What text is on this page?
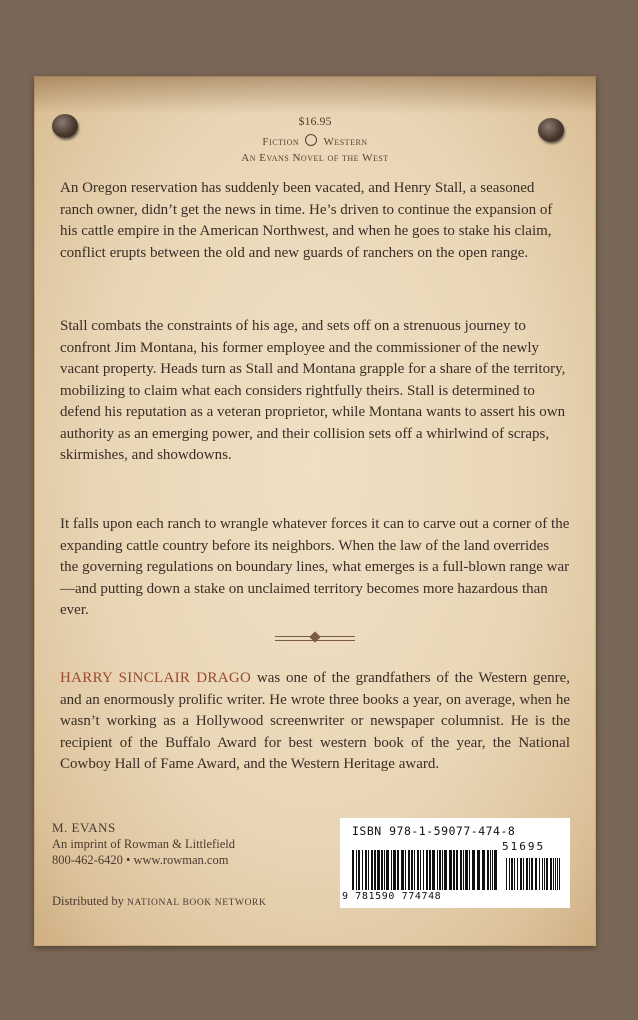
$16.95
Fiction Western
An Evans Novel of the West
An Oregon reservation has suddenly been vacated, and Henry Stall, a seasoned ranch owner, didn’t get the news in time. He’s driven to continue the expansion of his cattle empire in the American Northwest, and when he goes to stake his claim, conflict erupts between the old and new guards of ranchers on the open range.
Stall combats the constraints of his age, and sets off on a strenuous journey to confront Jim Montana, his former employee and the commissioner of the newly vacant property. Heads turn as Stall and Montana grapple for a share of the territory, mobilizing to claim what each considers rightfully theirs. Stall is determined to defend his reputation as a veteran proprietor, while Montana wants to assert his own authority as an emerging power, and their collision sets off a whirlwind of scraps, skirmishes, and showdowns.
It falls upon each ranch to wrangle whatever forces it can to carve out a corner of the expanding cattle country before its neighbors. When the law of the land overrides the governing regulations on boundary lines, what emerges is a full-blown range war—and putting down a stake on unclaimed territory becomes more hazardous than ever.
HARRY SINCLAIR DRAGO was one of the grandfathers of the Western genre, and an enormously prolific writer. He wrote three books a year, on average, when he wasn’t working as a Hollywood screenwriter or newspaper columnist. He is the recipient of the Buffalo Award for best western book of the year, the National Cowboy Hall of Fame Award, and the Western Heritage award.
M. EVANS
An imprint of Rowman & Littlefield
800-462-6420 • www.rowman.com
Distributed by NATIONAL BOOK NETWORK
ISBN 978-1-59077-474-8
51695
9 781590 774748
